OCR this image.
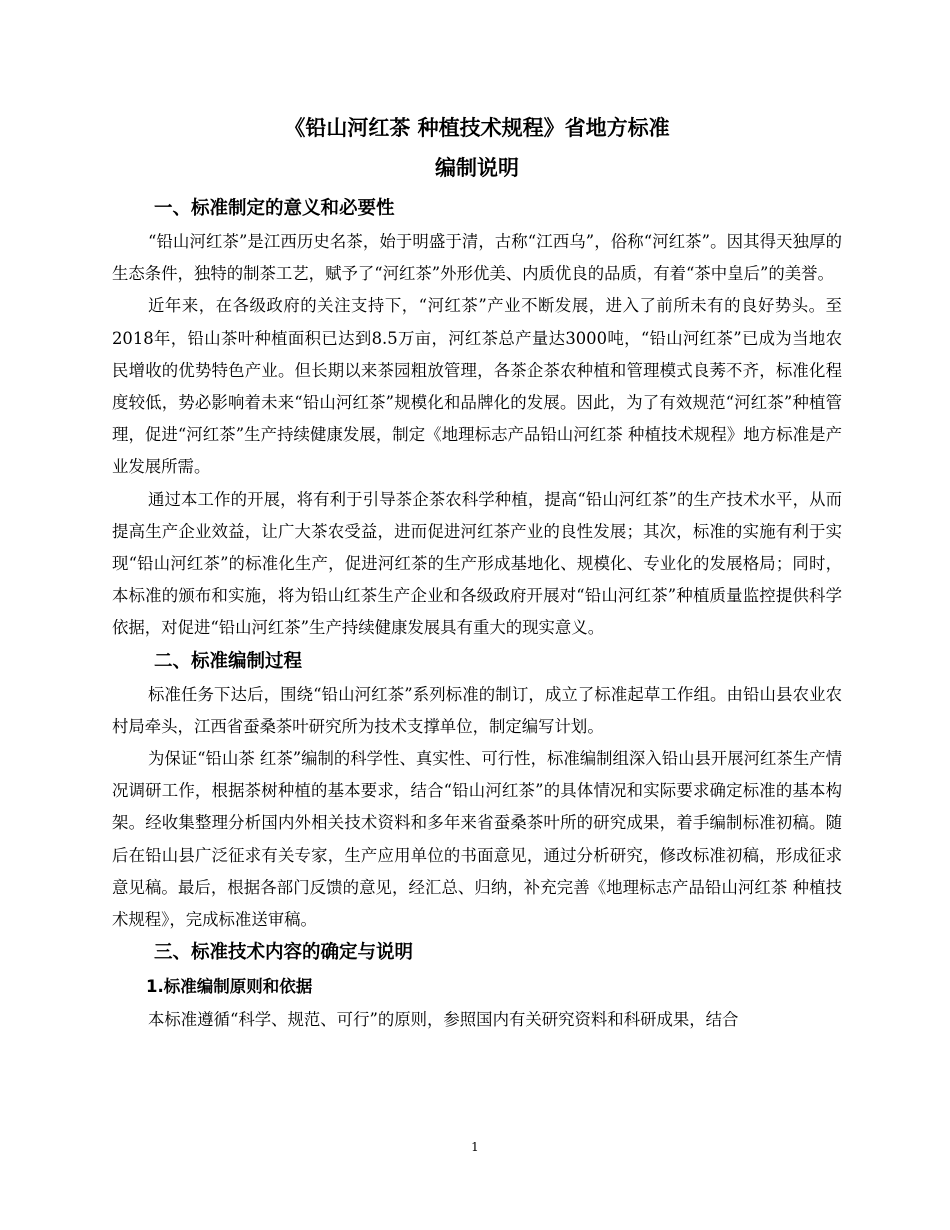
《铅山河红茶 种植技术规程》省地方标准
编制说明
一、标准制定的意义和必要性

“铅山河红茶”是江西历史名茶，始于明盛于清，古称“江西乌”，俗称“河红茶”。因其得天独厚的生态条件，独特的制茶工艺，赋予了“河红茶”外形优美、内质优良的品质，有着“茶中皇后”的美誉。

近年来，在各级政府的关注支持下，“河红茶”产业不断发展，进入了前所未有的良好势头。至2018年，铅山茶叶种植面积已达到8.5万亩，河红茶总产量达3000吨，“铅山河红茶”已成为当地农民增收的优势特色产业。但长期以来茶园粗放管理，各茶企茶农种植和管理模式良莠不齐，标准化程度较低，势必影响着未来“铅山河红茶”规模化和品牌化的发展。因此，为了有效规范“河红茶”种植管理，促进“河红茶”生产持续健康发展，制定《地理标志产品铅山河红茶 种植技术规程》地方标准是产业发展所需。

通过本工作的开展，将有利于引导茶企茶农科学种植，提高“铅山河红茶”的生产技术水平，从而提高生产企业效益，让广大茶农受益，进而促进河红茶产业的良性发展；其次，标准的实施有利于实现“铅山河红茶”的标准化生产，促进河红茶的生产形成基地化、规模化、专业化的发展格局；同时，本标准的颁布和实施，将为铅山红茶生产企业和各级政府开展对“铅山河红茶”种植质量监控提供科学依据，对促进“铅山河红茶”生产持续健康发展具有重大的现实意义。

二、标准编制过程

标准任务下达后，围绕“铅山河红茶”系列标准的制订，成立了标准起草工作组。由铅山县农业农村局牵头，江西省蚕桑茶叶研究所为技术支撑单位，制定编写计划。

为保证“铅山茶 红茶”编制的科学性、真实性、可行性，标准编制组深入铅山县开展河红茶生产情况调研工作，根据茶树种植的基本要求，结合“铅山河红茶”的具体情况和实际要求确定标准的基本构架。经收集整理分析国内外相关技术资料和多年来省蚕桑茶叶所的研究成果，着手编制标准初稿。随后在铅山县广泛征求有关专家，生产应用单位的书面意见，通过分析研究，修改标准初稿，形成征求意见稿。最后，根据各部门反馈的意见，经汇总、归纳，补充完善《地理标志产品铅山河红茶 种植技术规程》，完成标准送审稿。

三、标准技术内容的确定与说明
1.标准编制原则和依据

本标准遵循“科学、规范、可行”的原则，参照国内有关研究资料和科研成果，结合

1
